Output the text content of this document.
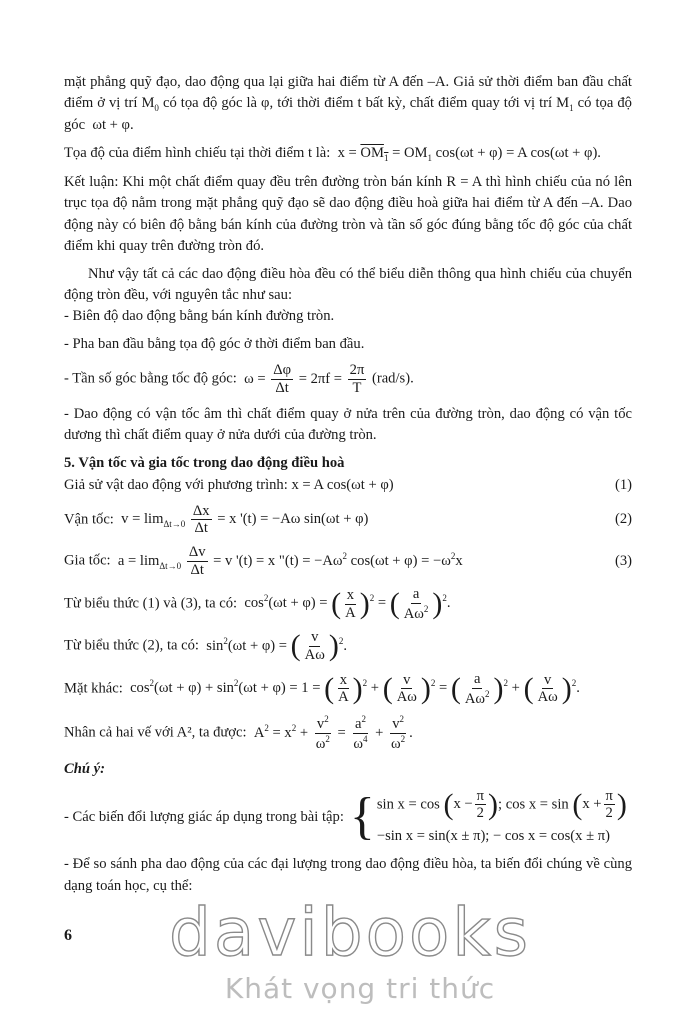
mặt phẳng quỹ đạo, dao động qua lại giữa hai điểm từ A đến –A. Giả sử thời điểm ban đầu chất điểm ở vị trí $M_0$ có tọa độ góc là φ, tới thời điểm t bất kỳ, chất điểm quay tới vị trí $M_1$ có tọa độ góc  ωt + φ.

Tọa độ của điểm hình chiếu tại thời điểm t là:  $x = OM_1 = OM_1$ cos(ωt + φ) = A cos(ωt + φ).

Kết luận: Khi một chất điểm quay đều trên đường tròn bán kính R = A thì hình chiếu của nó lên trục tọa độ nằm trong mặt phẳng quỹ đạo sẽ dao động điều hoà giữa hai điểm từ A đến –A. Dao động này có biên độ bằng bán kính của đường tròn và tần số góc đúng bằng tốc độ góc của chất điểm khi quay trên đường tròn đó.

Như vậy tất cả các dao động điều hòa đều có thể biểu diễn thông qua hình chiếu của chuyển động tròn đều, với nguyên tắc như sau:

- Biên độ dao động bằng bán kính đường tròn.

- Pha ban đầu bằng tọa độ góc ở thời điểm ban đầu.

- Tần số góc bằng tốc độ góc:  $\omega = \frac{\Delta\varphi}{\Delta t} = 2\pi f = \frac{2\pi}{T} (rad/s)$.

- Dao động có vận tốc âm thì chất điểm quay ở nửa trên của đường tròn, dao động có vận tốc dương thì chất điểm quay ở nửa dưới của đường tròn.

5. Vận tốc và gia tốc trong dao động điều hoà

Giả sử vật dao động với phương trình: x = A cos(ωt + φ)	(1)
Vận tốc:  $v = \lim_{\Delta t\to 0} \frac{\Delta x}{\Delta t} = x$ '(t) = −Aω sin(ωt + φ)	(2)
Gia tốc:  $a = \lim_{\Delta t\to 0} \frac{\Delta v}{\Delta t} = v$ '(t) = x "$(t) = -A\omega^2$ $\cos(\omega t + \varphi) = -\omega^2x$	(3)

Từ biểu thức (1) và (3), ta có:  $\cos^2(\omega t + \varphi)$ = ( $\frac{x}{A}$ ) $^2$ = ( $\frac{a}{A\omega^2}$ ) $^2$.

Từ biểu thức (2), ta có:  $\sin^2(\omega t + \varphi)$ = ( $\frac{v}{A\omega}$ ) $^2$.

Mặt khác:  $\cos^2(\omega t + \varphi) + \sin^2(\omega t + \varphi) = 1$ = ( $\frac{x}{A}$ ) $^2$ + ( $\frac{v}{A\omega}$ ) $^2$ = ( $\frac{a}{A\omega^2}$ ) $^2$ + ( $\frac{v}{A\omega}$ ) $^2$.

Nhân cả hai vế với A², ta được:  $A^2 = x^2 + \frac{v^2}{\omega^2} = \frac{a^2}{\omega^4} + \frac{v^2}{\omega^2}$ .

Chú ý:

- Các biến đổi lượng giác áp dụng trong bài tập: { sin x = cos ( $x - \frac{\pi}{2}$ ) ; cos x = sin ( $x + \frac{\pi}{2}$ )
−sin x = sin(x ± π); − cos x = cos(x ± π)

- Để so sánh pha dao động của các đại lượng trong dao động điều hòa, ta biến đổi chúng về cùng dạng toán học, cụ thể:

6	davibooks
Khát vọng tri thức
